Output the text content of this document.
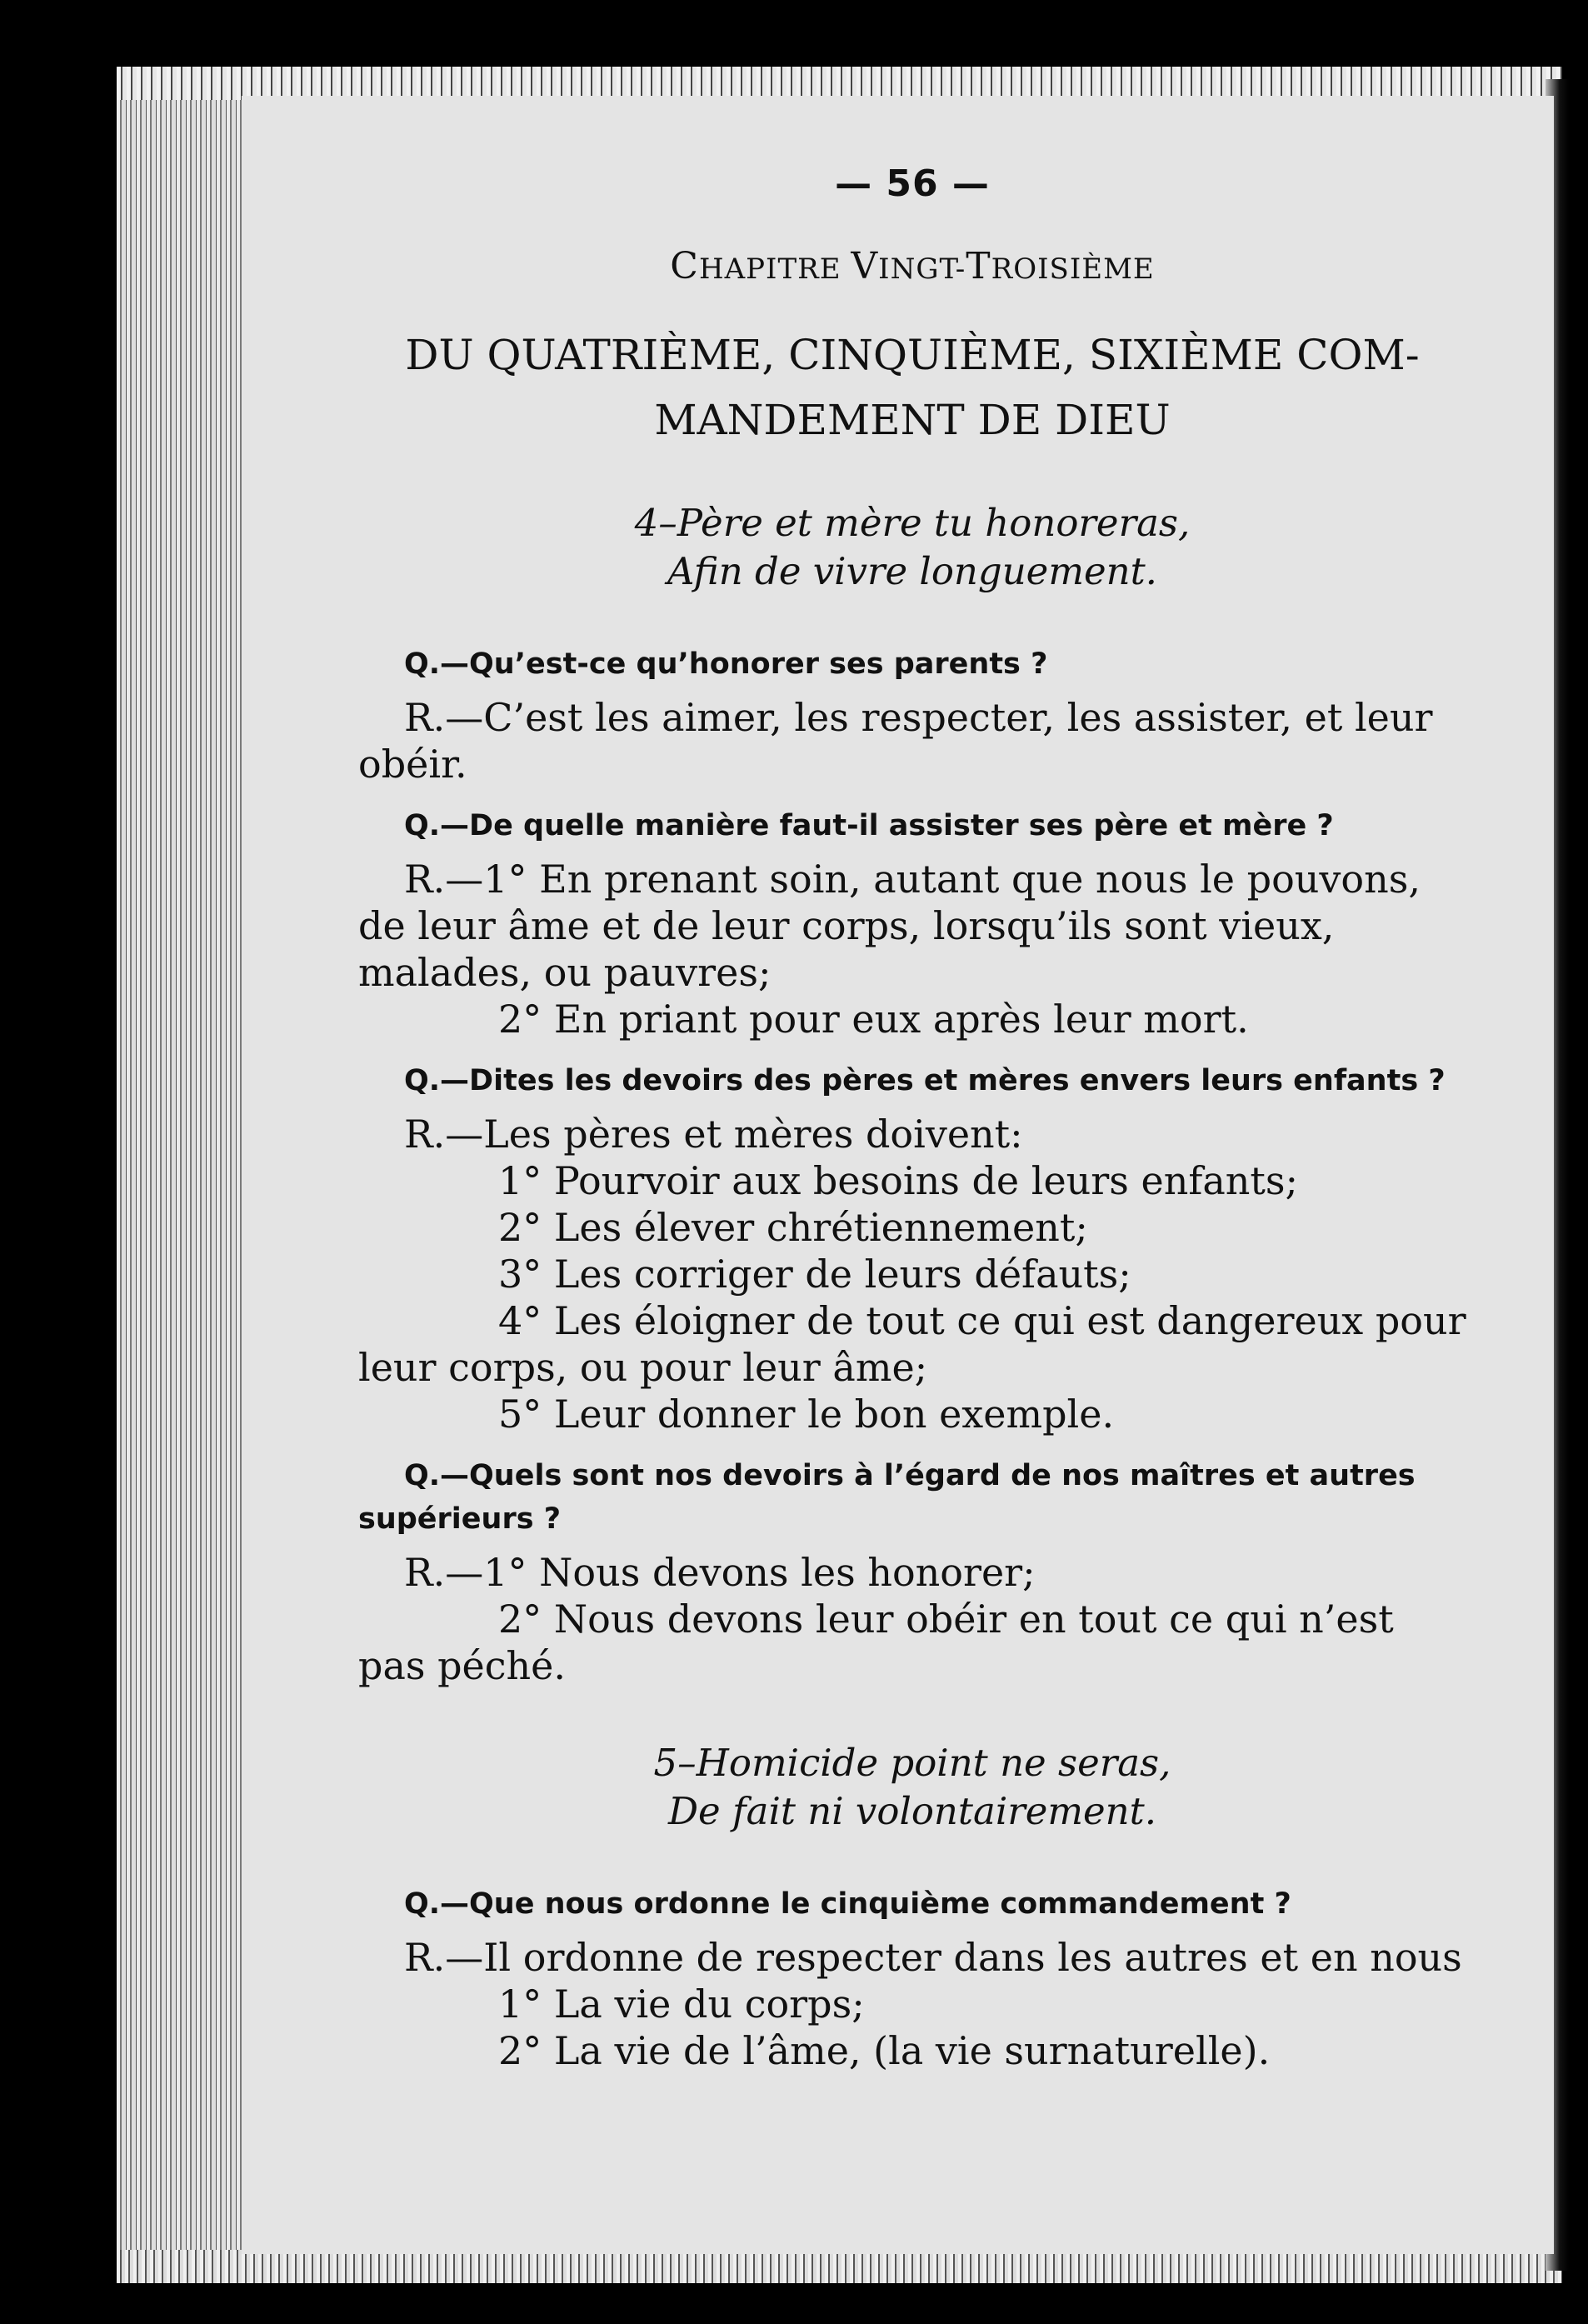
— 56 —

CHAPITRE VINGT-TROISIÈME

DU QUATRIÈME, CINQUIÈME, SIXIÈME COM-
MANDEMENT DE DIEU

4–Père et mère tu honoreras,
Afin de vivre longuement.

Q.—Qu’est-ce qu’honorer ses parents ?

R.—C’est les aimer, les respecter, les assister, et leur obéir.

Q.—De quelle manière faut-il assister ses père et mère ?

R.—1° En prenant soin, autant que nous le pouvons, de leur âme et de leur corps, lorsqu’ils sont vieux, malades, ou pauvres;

2° En priant pour eux après leur mort.

Q.—Dites les devoirs des pères et mères envers leurs enfants ?

R.—Les pères et mères doivent:

1° Pourvoir aux besoins de leurs enfants;

2° Les élever chrétiennement;

3° Les corriger de leurs défauts;

4° Les éloigner de tout ce qui est dangereux pour leur corps, ou pour leur âme;

5° Leur donner le bon exemple.

Q.—Quels sont nos devoirs à l’égard de nos maîtres et autres supérieurs ?

R.—1° Nous devons les honorer;

2° Nous devons leur obéir en tout ce qui n’est pas péché.

5–Homicide point ne seras,
De fait ni volontairement.

Q.—Que nous ordonne le cinquième commandement ?

R.—Il ordonne de respecter dans les autres et en nous

1° La vie du corps;

2° La vie de l’âme, (la vie surnaturelle).
